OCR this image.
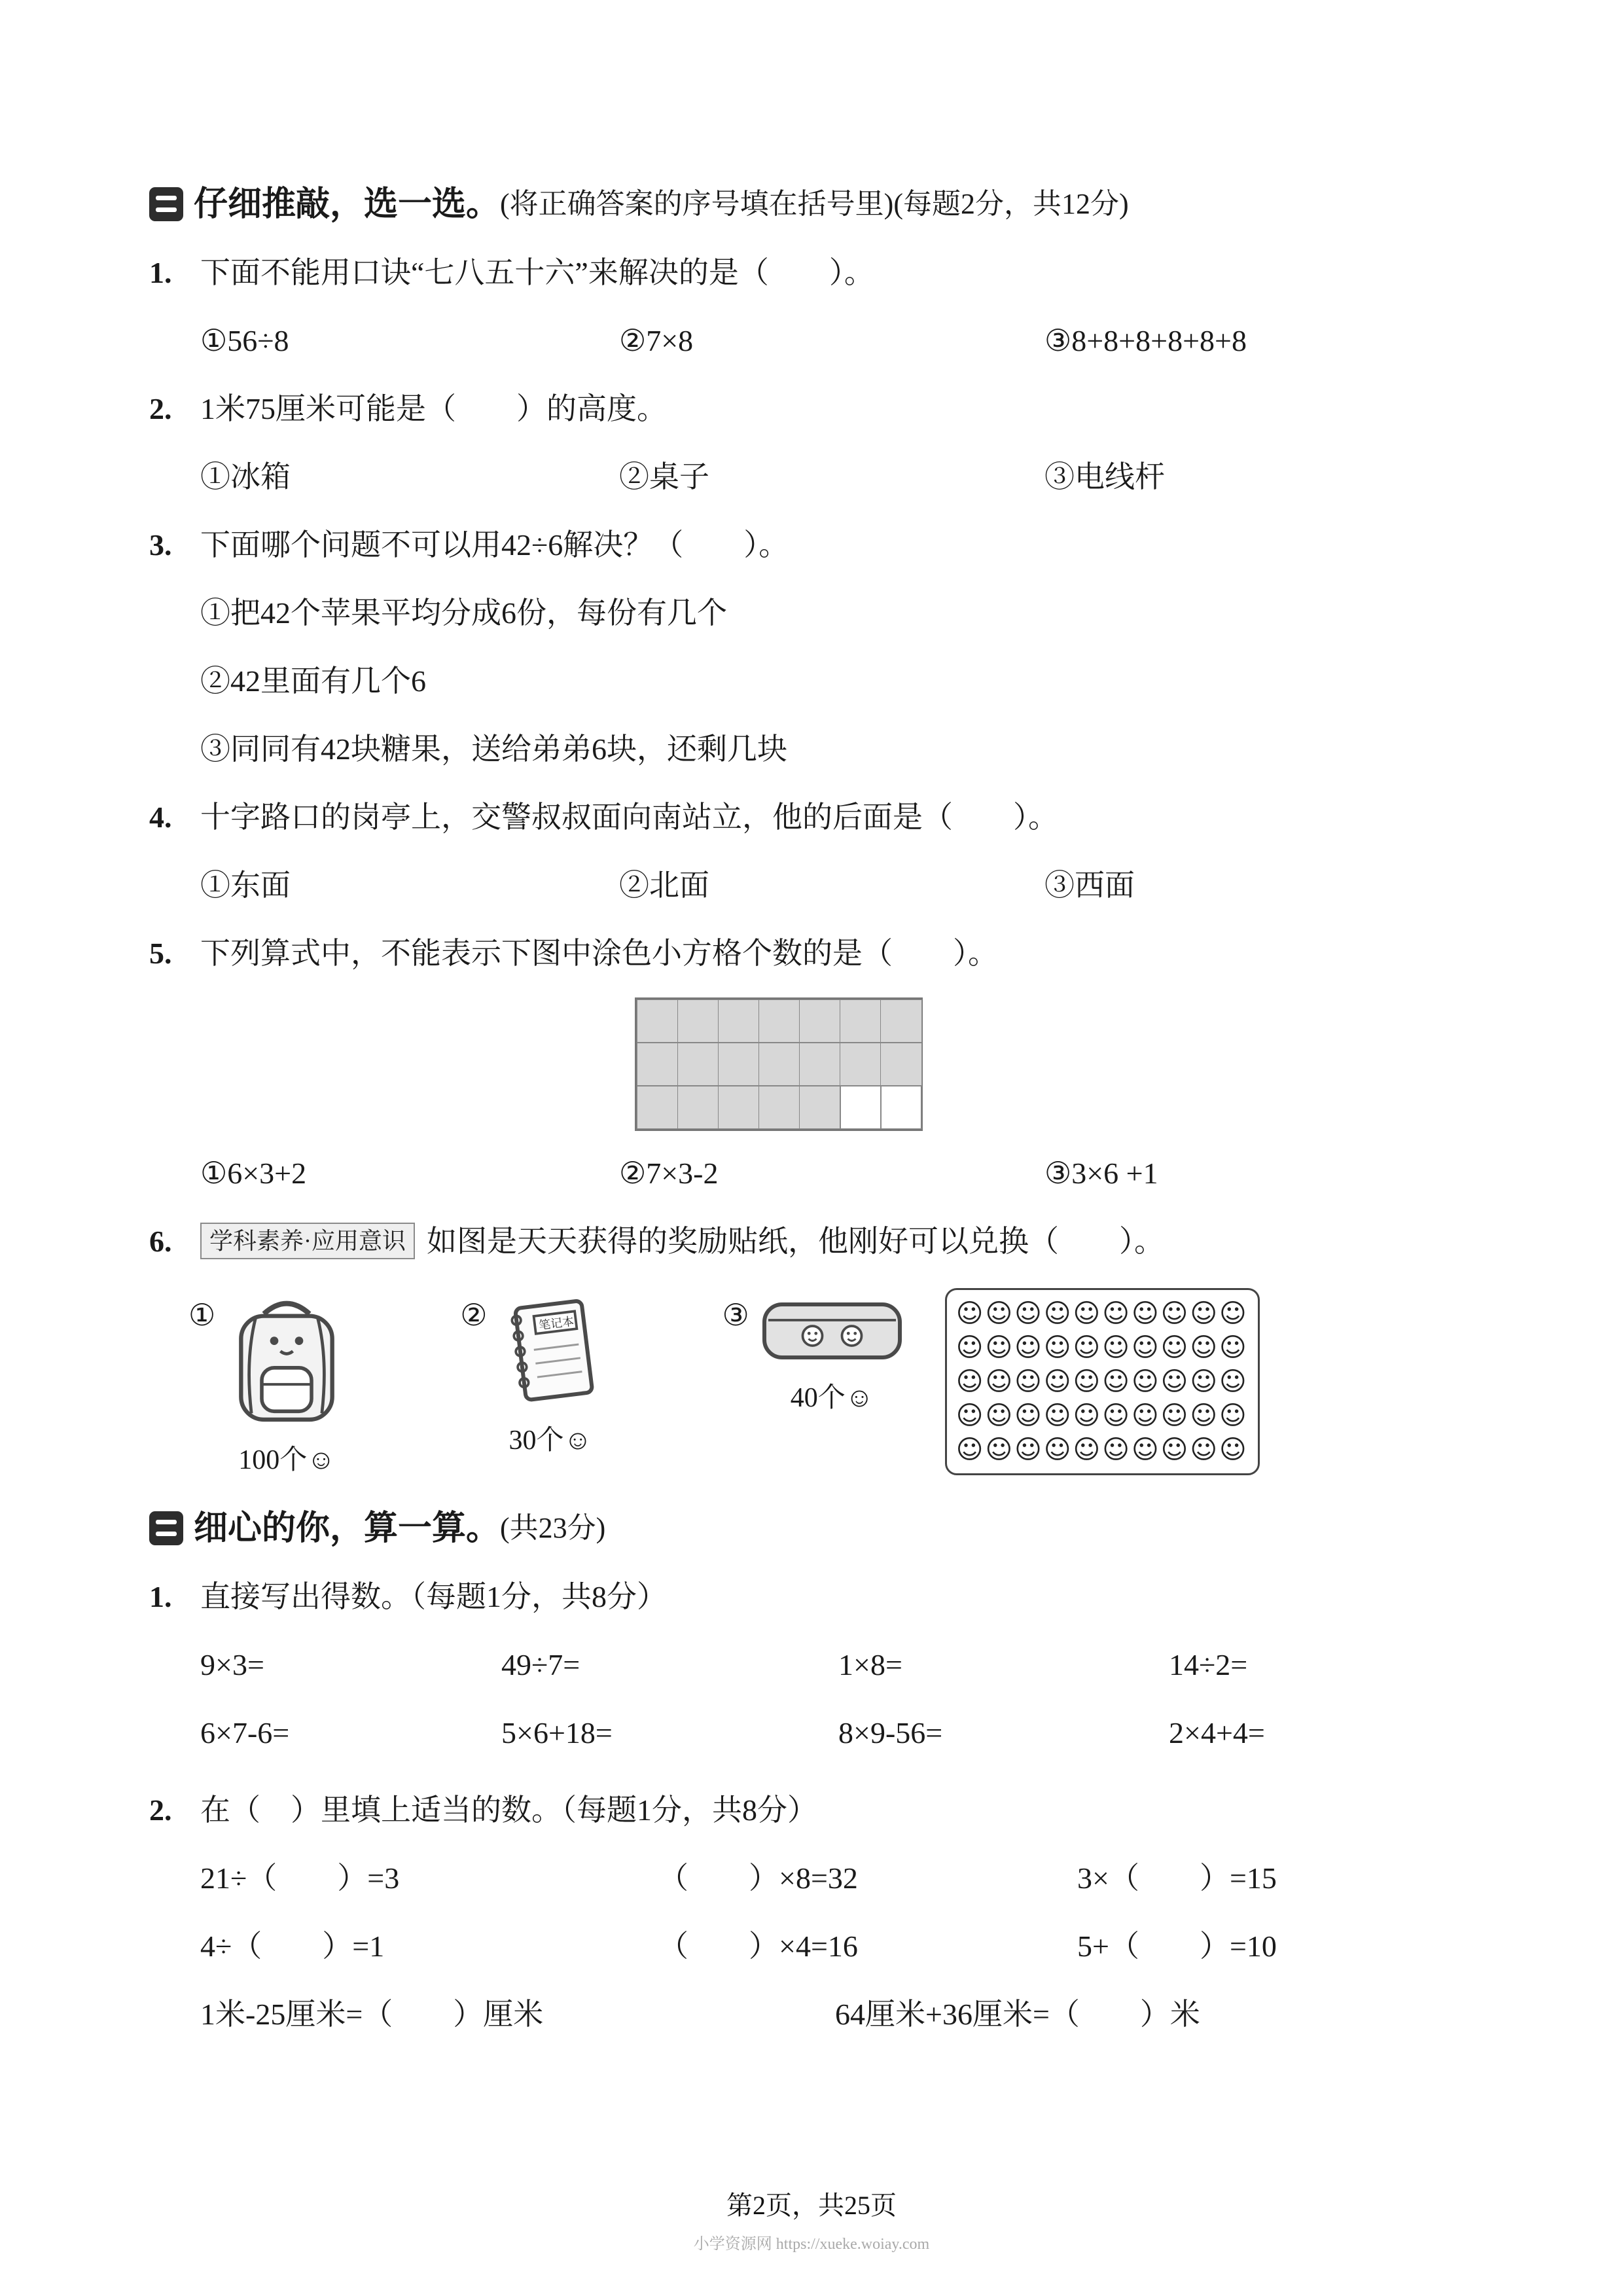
仔细推敲，选一选。 (将正确答案的序号填在括号里)(每题2分，共12分)
1. 下面不能用口诀“七八五十六”来解决的是（　　）。
①56÷8	②7×8	③8+8+8+8+8+8
2. 1米75厘米可能是（　　）的高度。
①冰箱	②桌子	③电线杆
3. 下面哪个问题不可以用42÷6解决？（　　）。
①把42个苹果平均分成6份，每份有几个
②42里面有几个6
③同同有42块糖果，送给弟弟6块，还剩几块
4. 十字路口的岗亭上，交警叔叔面向南站立，他的后面是（　　）。
①东面	②北面	③西面
5. 下列算式中，不能表示下图中涂色小方格个数的是（　　）。
①6×3+2	②7×3-2	③3×6 +1
6.	学科素养·应用意识 如图是天天获得的奖励贴纸，他刚好可以兑换（　　）。
①
100个☺
②	笔记本
30个☺
③
40个☺
☺☺☺☺☺☺☺☺☺☺
☺☺☺☺☺☺☺☺☺☺
☺☺☺☺☺☺☺☺☺☺
☺☺☺☺☺☺☺☺☺☺
☺☺☺☺☺☺☺☺☺☺
细心的你，算一算。 (共23分)
1. 直接写出得数。（每题1分，共8分）
9×3=	49÷7=	1×8=	14÷2=
6×7-6=	5×6+18=	8×9-56=	2×4+4=
2. 在（　）里填上适当的数。（每题1分，共8分）
21÷（　　）=3	（　　）×8=32	3×（　　）=15
4÷（　　）=1	（　　）×4=16	5+（　　）=10
1米-25厘米=（　　）厘米	64厘米+36厘米=（　　）米
第2页，共25页
小学资源网 https://xueke.woiay.com
